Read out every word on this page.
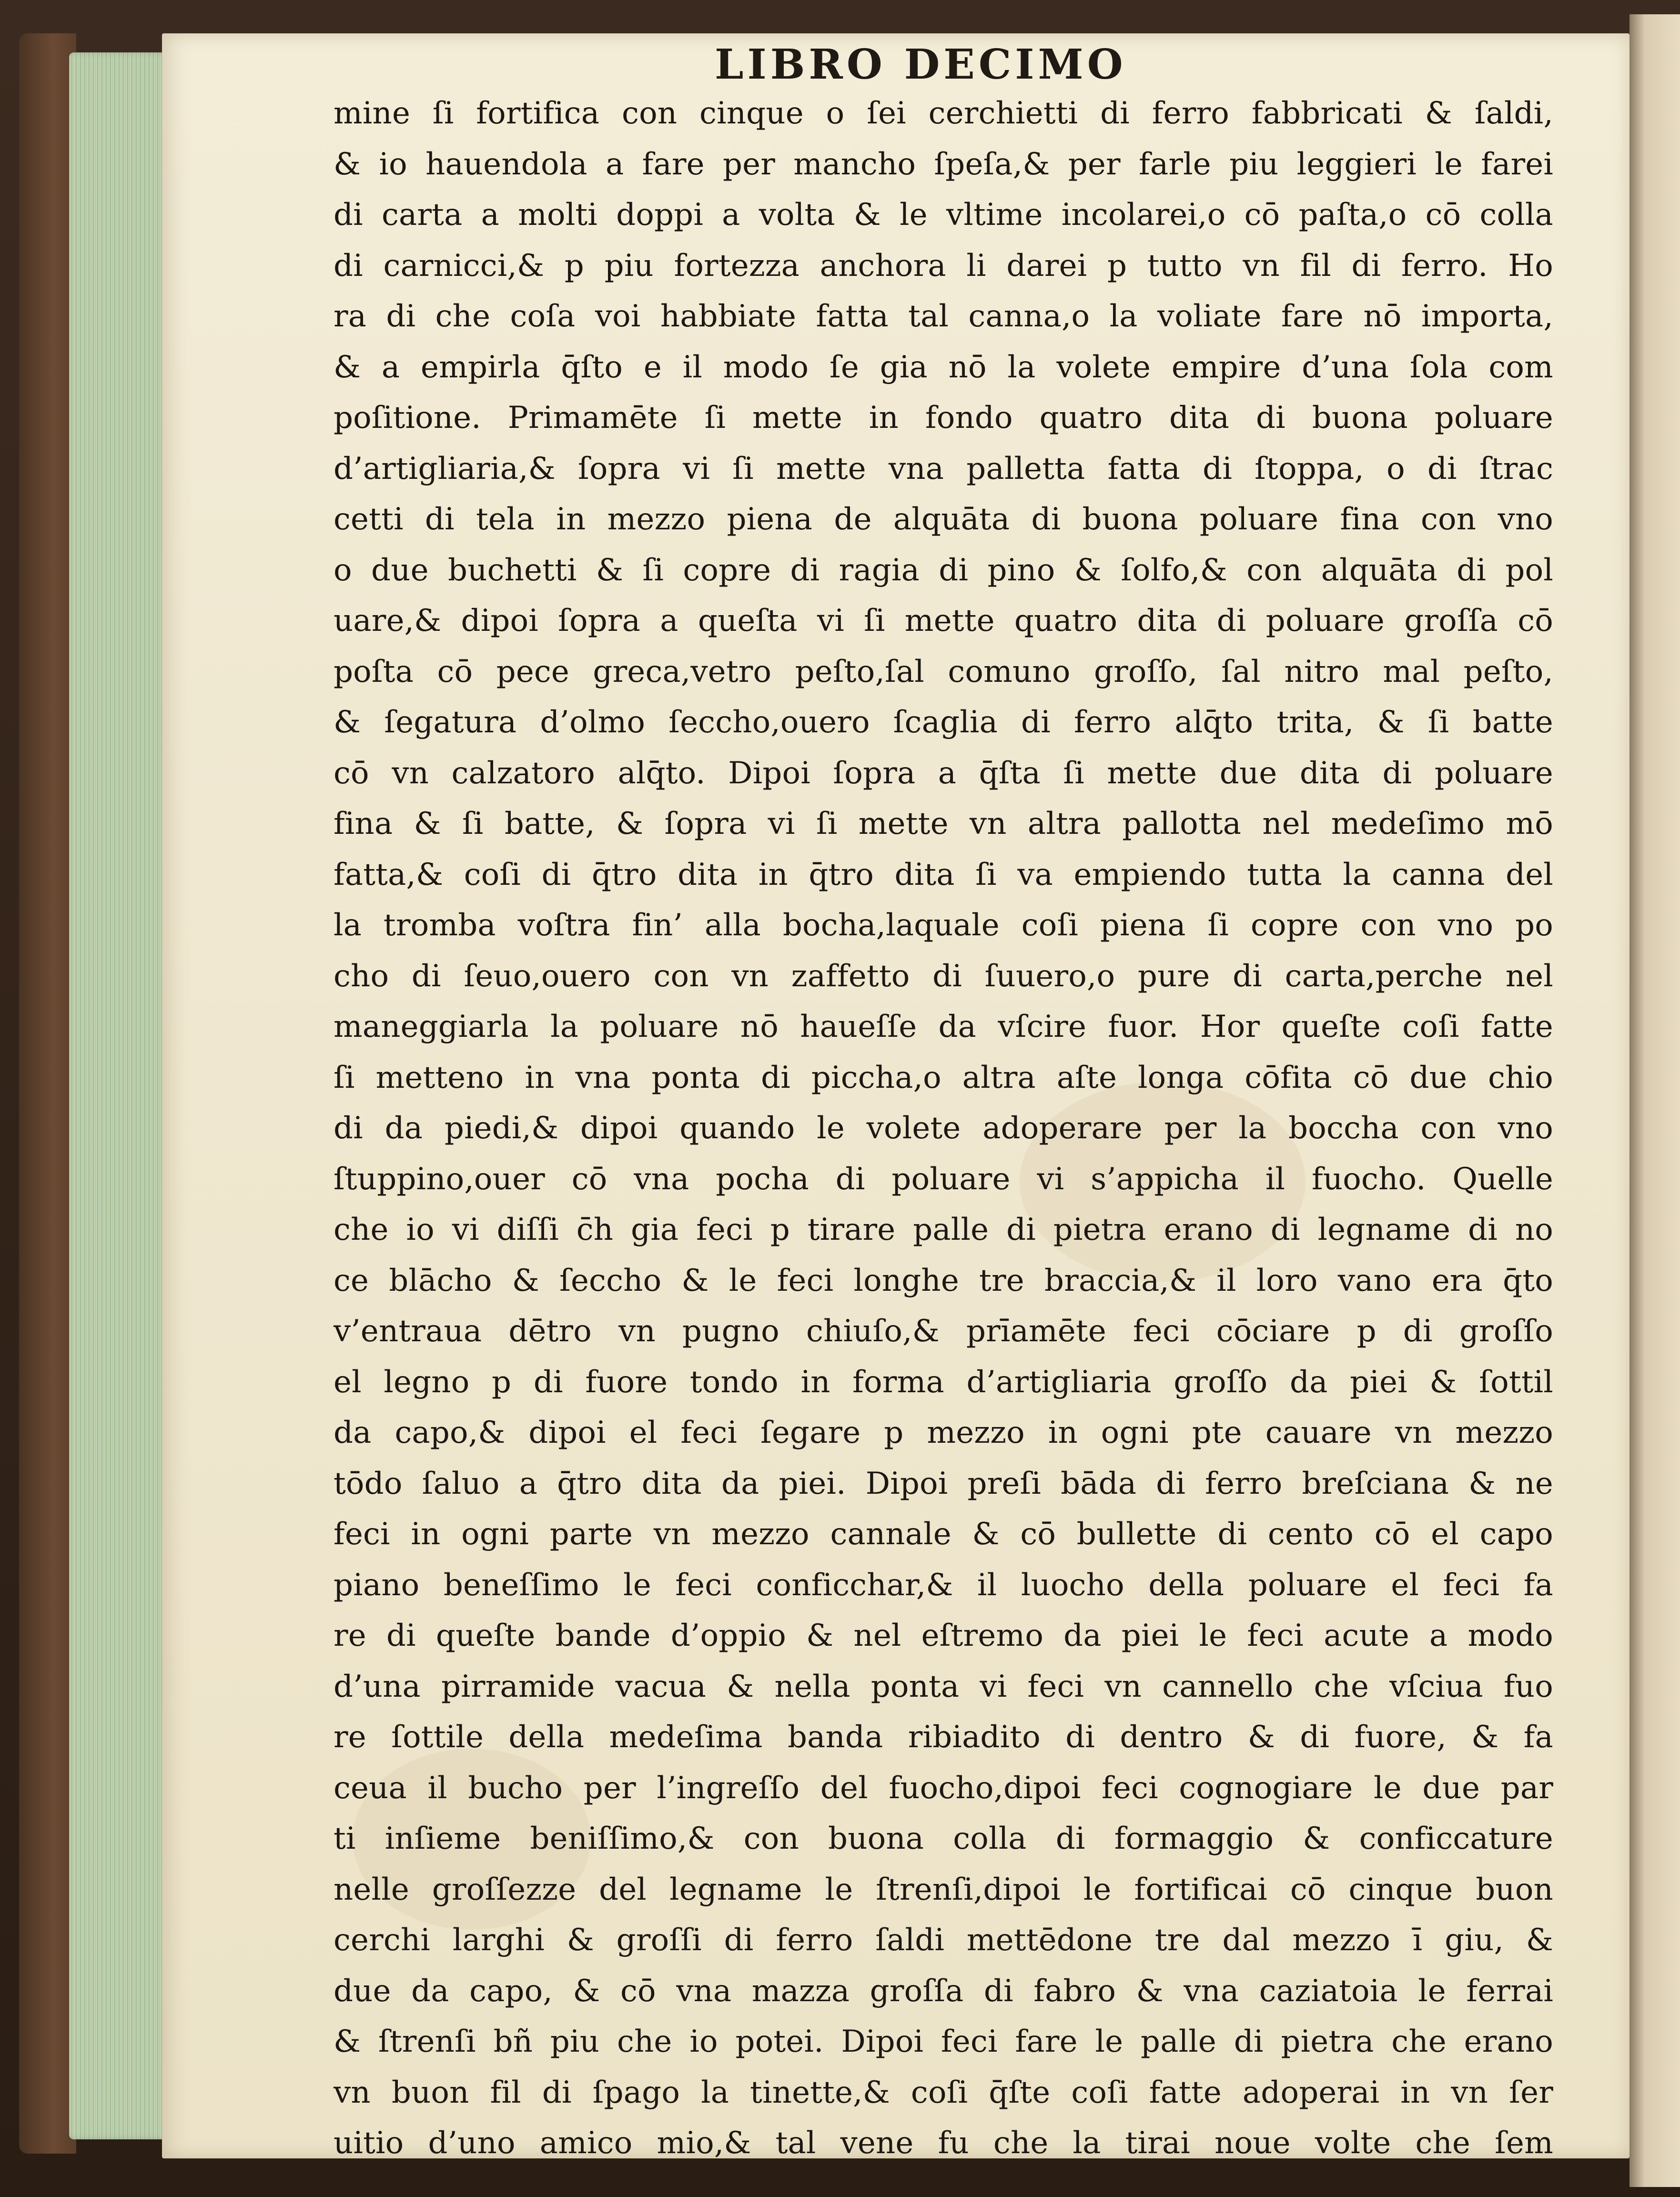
LIBRO DECIMO
mine ſi fortifica con cinque o ſei cerchietti di ferro fabbricati & ſaldi,
& io hauendola a fare per mancho ſpeſa,& per farle piu leggieri le farei
di carta a molti doppi a volta & le vltime incolarei,o cō paſta,o cō colla
di carnicci,& p piu fortezza anchora li darei p tutto vn fil di ferro. Ho
ra di che coſa voi habbiate fatta tal canna,o la voliate fare nō importa,
& a empirla q̄ſto e il modo ſe gia nō la volete empire d’una ſola com
poſitione. Primamēte ſi mette in fondo quatro dita di buona poluare
d’artigliaria,& ſopra vi ſi mette vna palletta fatta di ſtoppa, o di ſtrac
cetti di tela in mezzo piena de alquāta di buona poluare fina con vno
o due buchetti & ſi copre di ragia di pino & ſolfo,& con alquāta di pol
uare,& dipoi ſopra a queſta vi ſi mette quatro dita di poluare groſſa cō
poſta cō pece greca,vetro peſto,ſal comuno groſſo, ſal nitro mal peſto,
& ſegatura d’olmo ſeccho,ouero ſcaglia di ferro alq̄to trita, & ſi batte
cō vn calzatoro alq̄to. Dipoi ſopra a q̄ſta ſi mette due dita di poluare
fina & ſi batte, & ſopra vi ſi mette vn altra pallotta nel medeſimo mō
fatta,& coſi di q̄tro dita in q̄tro dita ſi va empiendo tutta la canna del
la tromba voſtra fin’ alla bocha,laquale coſi piena ſi copre con vno po
cho di ſeuo,ouero con vn zaffetto di ſuuero,o pure di carta,perche nel
maneggiarla la poluare nō haueſſe da vſcire fuor. Hor queſte coſi fatte
ſi metteno in vna ponta di piccha,o altra aſte longa cōfita cō due chio
di da piedi,& dipoi quando le volete adoperare per la boccha con vno
ſtuppino,ouer cō vna pocha di poluare vi s’appicha il fuocho. Quelle
che io vi diſſi c̄h gia feci p tirare palle di pietra erano di legname di no
ce blācho & ſeccho & le feci longhe tre braccia,& il loro vano era q̄to
v’entraua dētro vn pugno chiuſo,& prīamēte feci cōciare p di groſſo
el legno p di fuore tondo in forma d’artigliaria groſſo da piei & ſottil
da capo,& dipoi el feci ſegare p mezzo in ogni pte cauare vn mezzo
tōdo ſaluo a q̄tro dita da piei. Dipoi preſi bāda di ferro breſciana & ne
feci in ogni parte vn mezzo cannale & cō bullette di cento cō el capo
piano beneſſimo le feci conficchar,& il luocho della poluare el feci fa
re di queſte bande d’oppio & nel eſtremo da piei le feci acute a modo
d’una pirramide vacua & nella ponta vi feci vn cannello che vſciua fuo
re ſottile della medeſima banda ribiadito di dentro & di fuore, & fa
ceua il bucho per l’ingreſſo del fuocho,dipoi feci cognogiare le due par
ti inſieme beniſſimo,& con buona colla di formaggio & conficcature
nelle groſſezze del legname le ſtrenſi,dipoi le fortificai cō cinque buon
cerchi larghi & groſſi di ferro ſaldi mettēdone tre dal mezzo ī giu, &
due da capo, & cō vna mazza groſſa di fabro & vna caziatoia le ferrai
& ſtrenſi bñ piu che io potei. Dipoi feci fare le palle di pietra che erano
vn buon fil di ſpago la tinette,& coſi q̄ſte coſi fatte adoperai in vn ſer
uitio d’uno amico mio,& tal vene fu che la tirai noue volte che ſem
